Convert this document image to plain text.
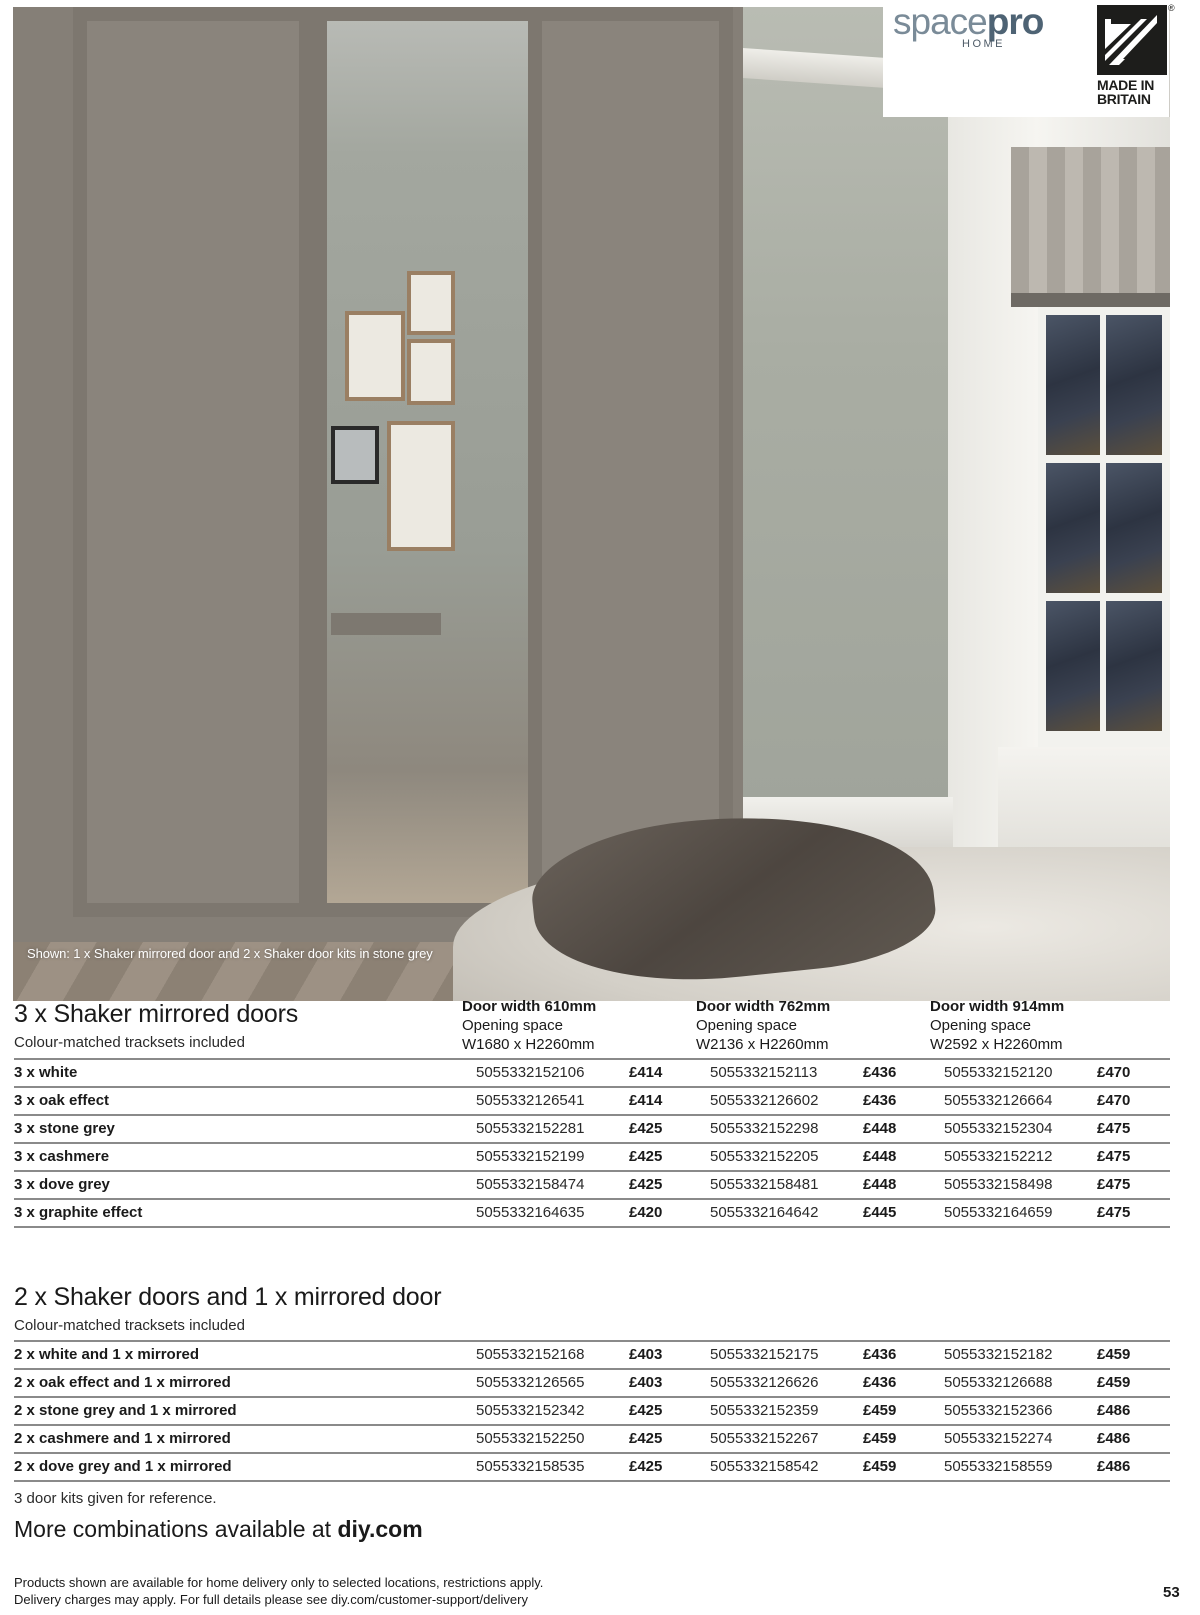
Shown: 1 x Shaker mirrored door and 2 x Shaker door kits in stone grey
spacepro
HOME
®
MADE IN
BRITAIN
3 x Shaker mirrored doors
Colour-matched tracksets included
Door width 610mm
Opening space
W1680 x H2260mm
Door width 762mm
Opening space
W2136 x H2260mm
Door width 914mm
Opening space
W2592 x H2260mm
3 x white	5055332152106	£414	5055332152113	£436	5055332152120	£470
3 x oak effect	5055332126541	£414	5055332126602	£436	5055332126664	£470
3 x stone grey	5055332152281	£425	5055332152298	£448	5055332152304	£475
3 x cashmere	5055332152199	£425	5055332152205	£448	5055332152212	£475
3 x dove grey	5055332158474	£425	5055332158481	£448	5055332158498	£475
3 x graphite effect	5055332164635	£420	5055332164642	£445	5055332164659	£475
2 x Shaker doors and 1 x mirrored door
Colour-matched tracksets included
2 x white and 1 x mirrored	5055332152168	£403	5055332152175	£436	5055332152182	£459
2 x oak effect and 1 x mirrored	5055332126565	£403	5055332126626	£436	5055332126688	£459
2 x stone grey and 1 x mirrored	5055332152342	£425	5055332152359	£459	5055332152366	£486
2 x cashmere and 1 x mirrored	5055332152250	£425	5055332152267	£459	5055332152274	£486
2 x dove grey and 1 x mirrored	5055332158535	£425	5055332158542	£459	5055332158559	£486
3 door kits given for reference.
More combinations available at diy.com
Products shown are available for home delivery only to selected locations, restrictions apply.
Delivery charges may apply. For full details please see diy.com/customer-support/delivery	53
